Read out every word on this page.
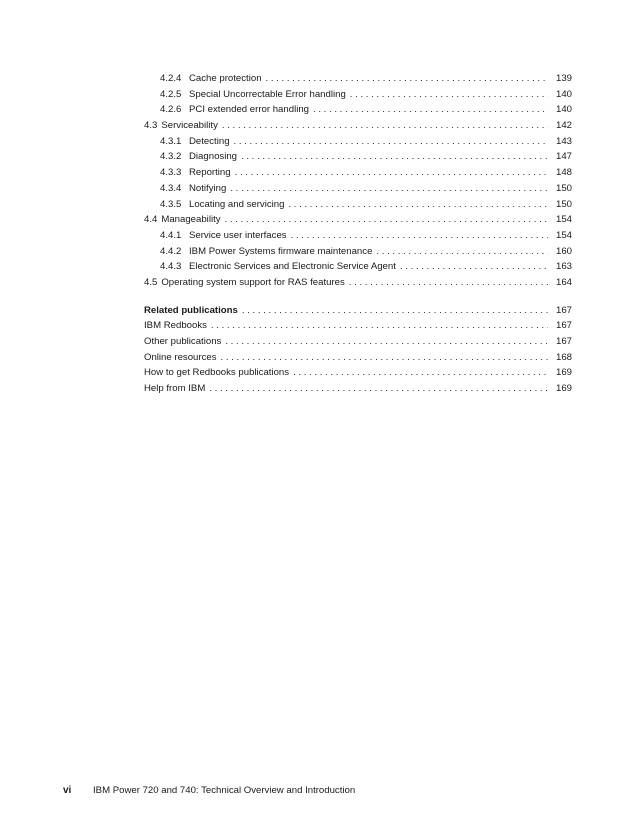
4.2.4 Cache protection . . .	139
4.2.5 Special Uncorrectable Error handling . . .	140
4.2.6 PCI extended error handling . . .	140
4.3 Serviceability . . .	142
4.3.1 Detecting . . .	143
4.3.2 Diagnosing . . .	147
4.3.3 Reporting . . .	148
4.3.4 Notifying . . .	150
4.3.5 Locating and servicing . . .	150
4.4 Manageability . . .	154
4.4.1 Service user interfaces . . .	154
4.4.2 IBM Power Systems firmware maintenance . . .	160
4.4.3 Electronic Services and Electronic Service Agent . . .	163
4.5 Operating system support for RAS features . . .	164
Related publications . . .	167
IBM Redbooks . . .	167
Other publications . . .	167
Online resources . . .	168
How to get Redbooks publications . . .	169
Help from IBM . . .	169
vi	IBM Power 720 and 740: Technical Overview and Introduction
